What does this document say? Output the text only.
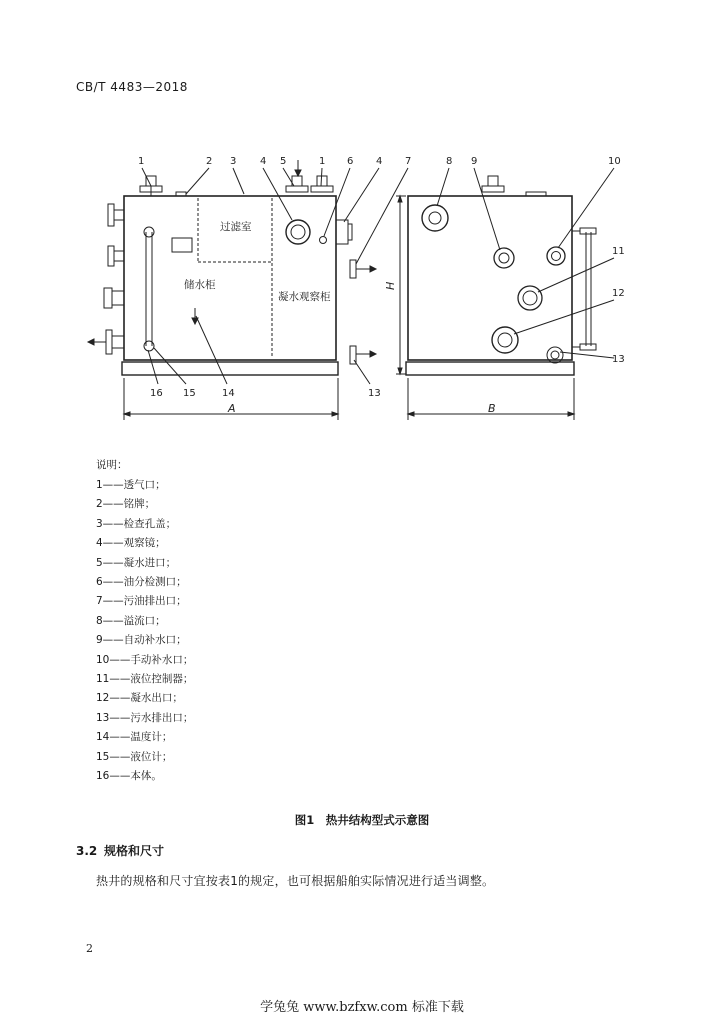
CB/T 4483—2018
1	2 3 4 5	1 6 4 7	8 9	10
11
12
13
16 15	14	13
过滤室
储水柜
凝水观察柜
A	B
H
说明：
1——透气口；
2——铭牌；
3——检查孔盖；
4——观察镜；
5——凝水进口；
6——油分检测口；
7——污油排出口；
8——溢流口；
9——自动补水口；
10——手动补水口；
11——液位控制器；
12——凝水出口；
13——污水排出口；
14——温度计；
15——液位计；
16——本体。
图1　热井结构型式示意图
3.2 规格和尺寸
热井的规格和尺寸宜按表1的规定，也可根据船舶实际情况进行适当调整。
2
学兔兔 www.bzfxw.com 标准下载
